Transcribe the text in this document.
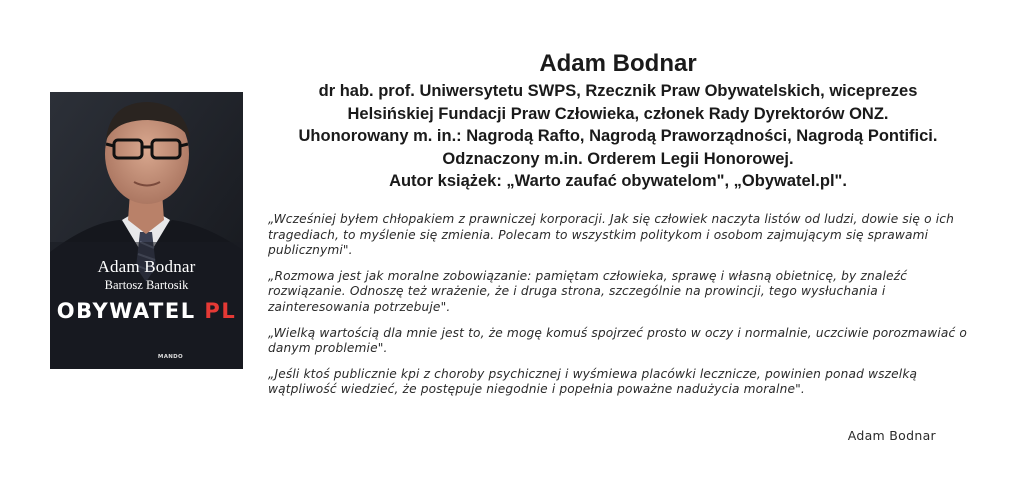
Adam Bodnar
Bartosz Bartosik
OBYWATEL PL
MANDO
Adam Bodnar
dr hab. prof. Uniwersytetu SWPS, Rzecznik Praw Obywatelskich, wiceprezes
Helsińskiej Fundacji Praw Człowieka, członek Rady Dyrektorów ONZ.
Uhonorowany m. in.: Nagrodą Rafto, Nagrodą Praworządności, Nagrodą Pontifici.
Odznaczony m.in. Orderem Legii Honorowej.
Autor książek: „Warto zaufać obywatelom", „Obywatel.pl".

„Wcześniej byłem chłopakiem z prawniczej korporacji. Jak się człowiek naczyta listów od ludzi, dowie się o ich tragediach, to myślenie się zmienia. Polecam to wszystkim politykom i osobom zajmującym się sprawami publicznymi".

„Rozmowa jest jak moralne zobowiązanie: pamiętam człowieka, sprawę i własną obietnicę, by znaleźć rozwiązanie. Odnoszę też wrażenie, że i druga strona, szczególnie na prowincji, tego wysłuchania i zainteresowania potrzebuje".

„Wielką wartością dla mnie jest to, że mogę komuś spojrzeć prosto w oczy i normalnie, uczciwie porozmawiać o danym problemie".

„Jeśli ktoś publicznie kpi z choroby psychicznej i wyśmiewa placówki lecznicze, powinien ponad wszelką wątpliwość wiedzieć, że postępuje niegodnie i popełnia poważne nadużycia moralne".

Adam Bodnar
